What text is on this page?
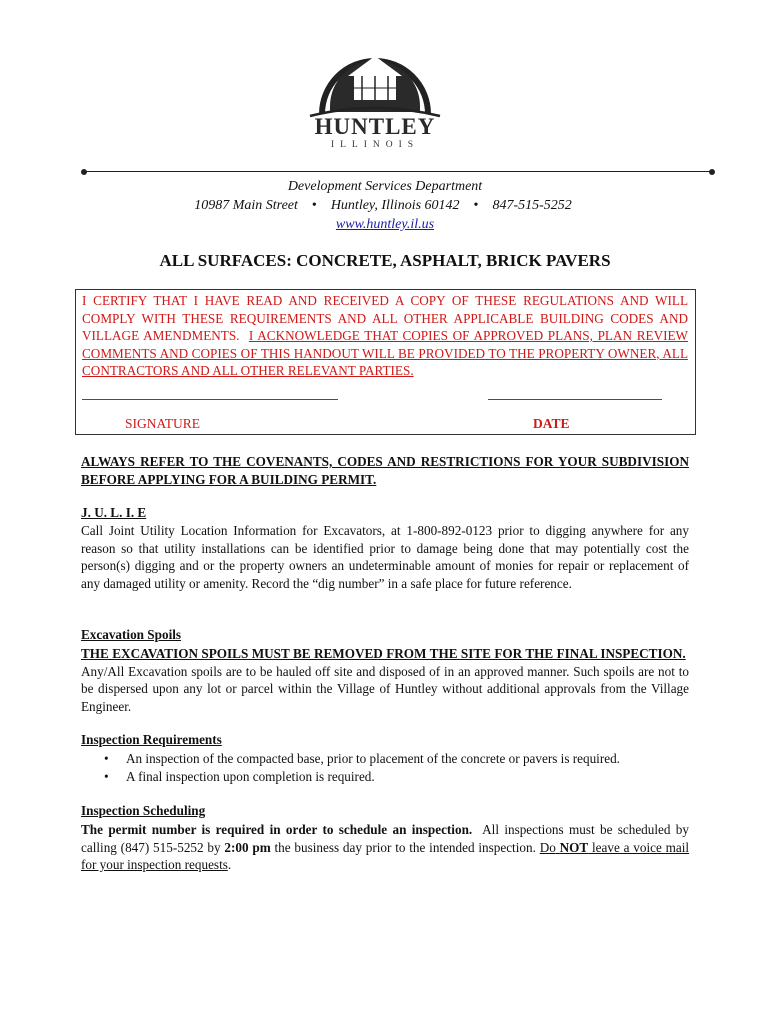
HUNTLEY
ILLINOIS
Development Services Department
10987 Main Street • Huntley, Illinois 60142 • 847-515-5252
www.huntley.il.us
ALL SURFACES: CONCRETE, ASPHALT, BRICK PAVERS
I CERTIFY THAT I HAVE READ AND RECEIVED A COPY OF THESE REGULATIONS AND WILL COMPLY WITH THESE REQUIREMENTS AND ALL OTHER APPLICABLE BUILDING CODES AND VILLAGE AMENDMENTS. I ACKNOWLEDGE THAT COPIES OF APPROVED PLANS, PLAN REVIEW COMMENTS AND COPIES OF THIS HANDOUT WILL BE PROVIDED TO THE PROPERTY OWNER, ALL CONTRACTORS AND ALL OTHER RELEVANT PARTIES.
SIGNATURE	DATE
ALWAYS REFER TO THE COVENANTS, CODES AND RESTRICTIONS FOR YOUR SUBDIVISION BEFORE APPLYING FOR A BUILDING PERMIT.
J. U. L. I. E
Call Joint Utility Location Information for Excavators, at 1-800-892-0123 prior to digging anywhere for any reason so that utility installations can be identified prior to damage being done that may potentially cost the person(s) digging and or the property owners an undeterminable amount of monies for repair or replacement of any damaged utility or amenity. Record the “dig number” in a safe place for future reference.
Excavation Spoils
THE EXCAVATION SPOILS MUST BE REMOVED FROM THE SITE FOR THE FINAL INSPECTION.  Any/All Excavation spoils are to be hauled off site and disposed of in an approved manner. Such spoils are not to be dispersed upon any lot or parcel within the Village of Huntley without additional approvals from the Village Engineer.
Inspection Requirements
• An inspection of the compacted base, prior to placement of the concrete or pavers is required.
• A final inspection upon completion is required.
Inspection Scheduling
The permit number is required in order to schedule an inspection. All inspections must be scheduled by calling (847) 515-5252 by 2:00 pm the business day prior to the intended inspection. Do NOT leave a voice mail for your inspection requests.
